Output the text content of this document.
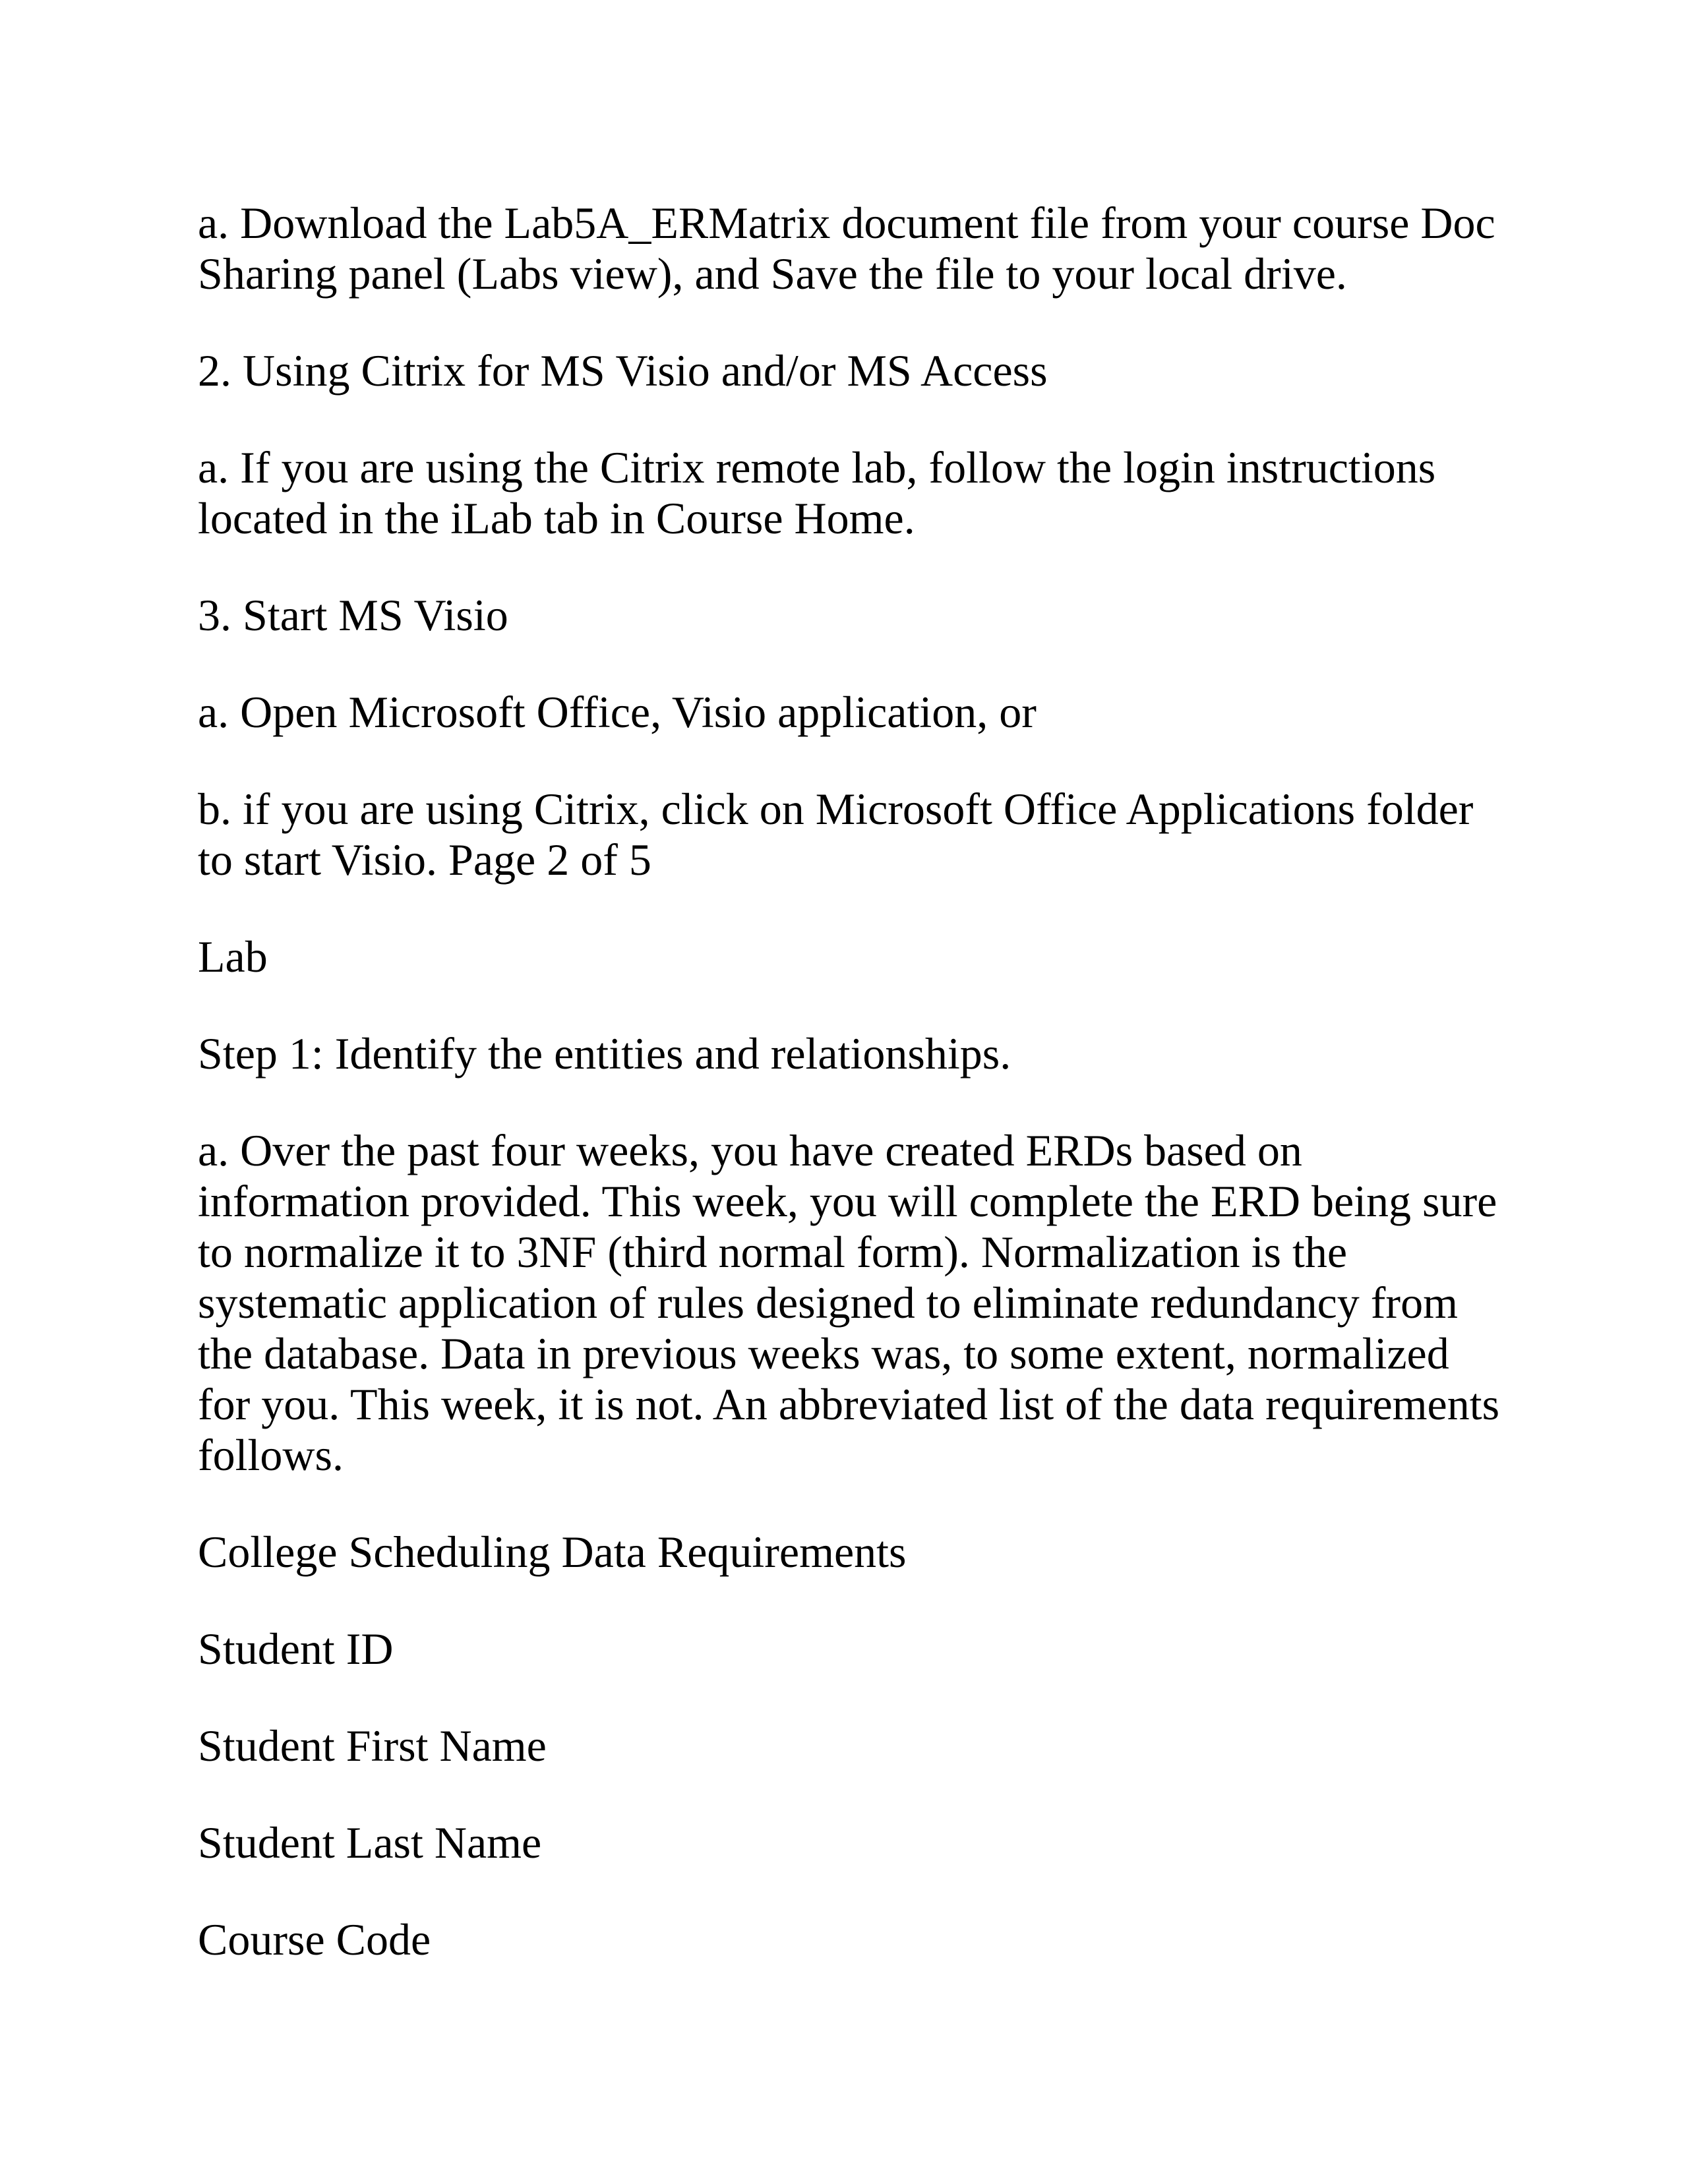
a. Download the Lab5A_ERMatrix document file from your course Doc Sharing panel (Labs view), and Save the file to your local drive.

2. Using Citrix for MS Visio and/or MS Access

a. If you are using the Citrix remote lab, follow the login instructions located in the iLab tab in Course Home.

3. Start MS Visio

a. Open Microsoft Office, Visio application, or

b. if you are using Citrix, click on Microsoft Office Applications folder to start Visio. Page 2 of 5

Lab

Step 1: Identify the entities and relationships.

a. Over the past four weeks, you have created ERDs based on information provided. This week, you will complete the ERD being sure to normalize it to 3NF (third normal form). Normalization is the systematic application of rules designed to eliminate redundancy from the database. Data in previous weeks was, to some extent, normalized for you. This week, it is not. An abbreviated list of the data requirements follows.

College Scheduling Data Requirements

Student ID

Student First Name

Student Last Name

Course Code
